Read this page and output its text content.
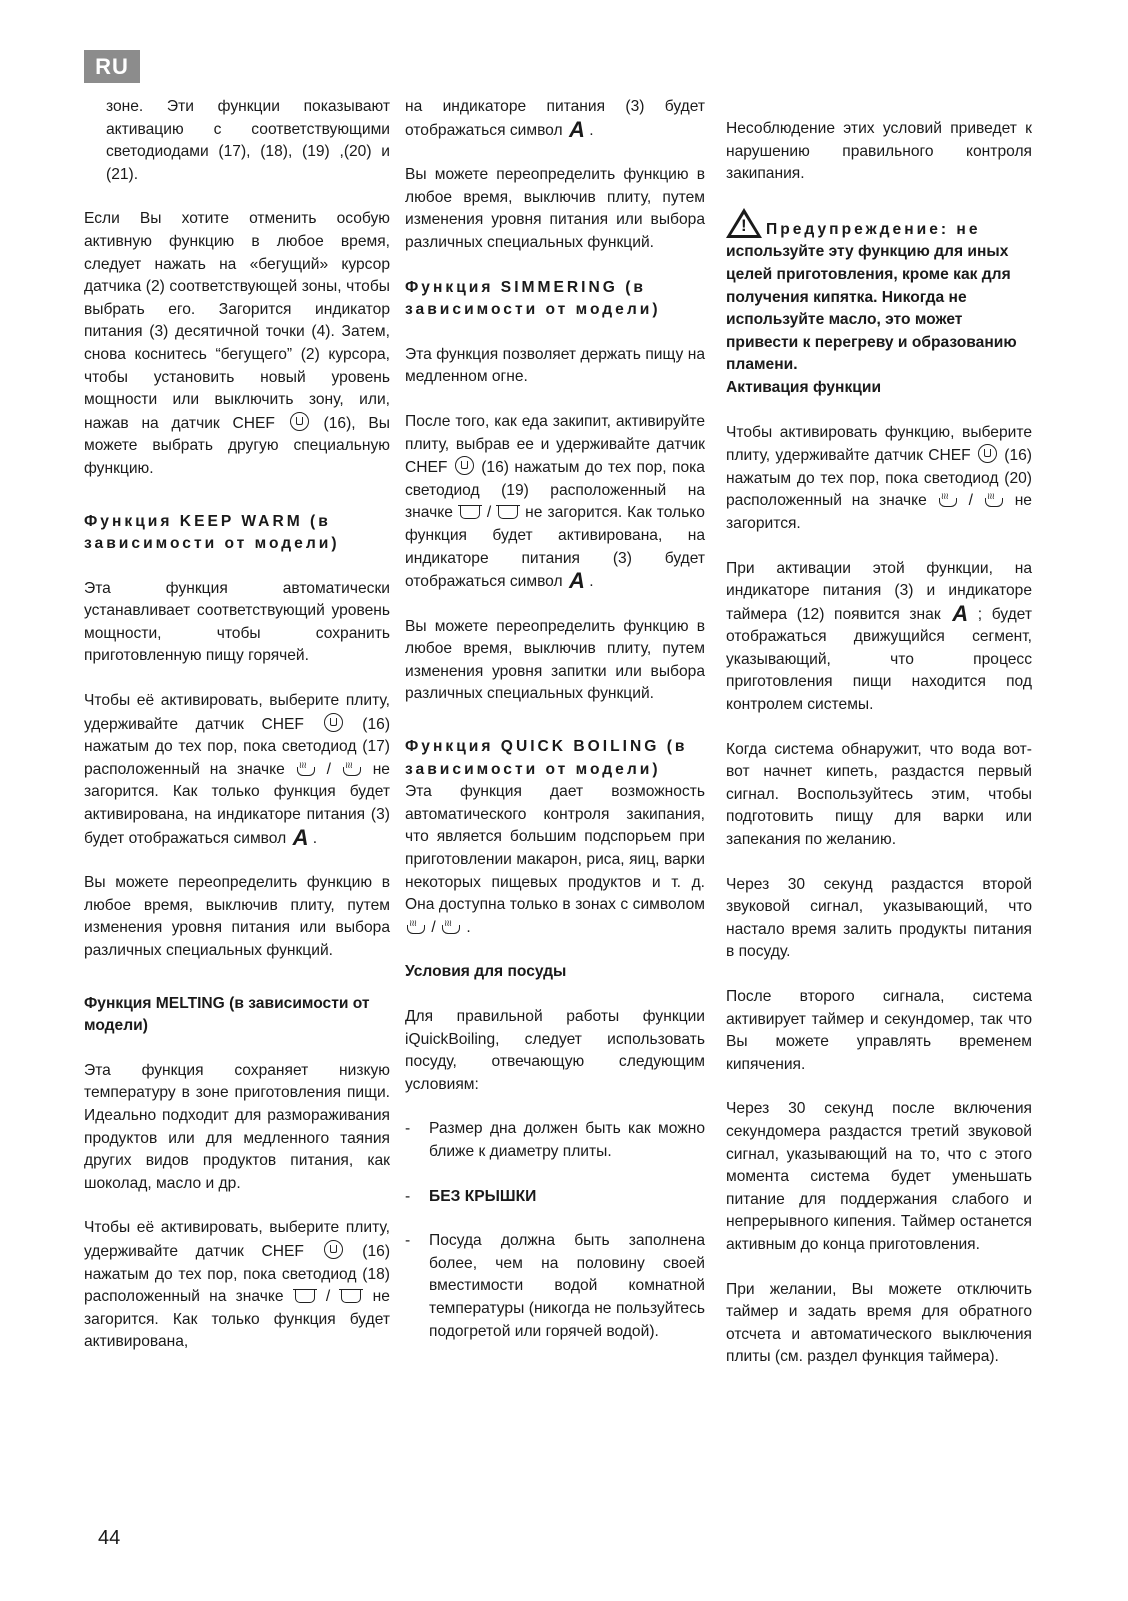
RU

зоне. Эти функции показывают активацию с соответствующими светодиодами (17), (18), (19) ,(20) и (21).

Если Вы хотите отменить особую активную функцию в любое время, следует нажать на «бегущий» курсор датчика (2) соответствующей зоны, чтобы выбрать его. Загорится индикатор питания (3) десятичной точки (4). Затем, снова коснитесь “бегущего” (2) курсора, чтобы установить новый уровень мощности или выключить зону, или, нажав на датчик CHEF	(16), Вы можете выбрать другую специальную функцию.

Функция KEEP WARM (в зависимости от модели)

Эта функция автоматически устанавливает соответствующий уровень мощности, чтобы сохранить приготовленную пищу горячей.

Чтобы её активировать, выберите плиту, удерживайте датчик CHEF	(16) нажатым до тех пор, пока светодиод (17) расположенный на значке ≀≀≀	/ ≀≀≀	не загорится. Как только функция будет активирована, на индикаторе питания (3) будет отображаться символ A .

Вы можете переопределить функцию в любое время, выключив плиту, путем изменения уровня питания или выбора различных специальных функций.

Функция MELTING (в зависимости от модели)

Эта функция сохраняет низкую температуру в зоне приготовления пищи. Идеально подходит для размораживания продуктов или для медленного таяния других видов продуктов питания, как шоколад, масло и др.

Чтобы её активировать, выберите плиту, удерживайте датчик CHEF	(16) нажатым до тех пор, пока светодиод (18) расположенный на значке	/	не загорится. Как только функция будет активирована,

на индикаторе питания (3) будет отображаться символ A .

Вы можете переопределить функцию в любое время, выключив плиту, путем изменения уровня питания или выбора различных специальных функций.

Функция SIMMERING (в зависимости от модели)

Эта функция позволяет держать пищу на медленном огне.

После того, как еда закипит, активируйте плиту, выбрав ее и удерживайте датчик CHEF (16) нажатым до тех пор, пока светодиод (19) расположенный на значке / не загорится. Как только функция будет активирована, на индикаторе питания (3) будет отображаться символ A .

Вы можете переопределить функцию в любое время, выключив плиту, путем изменения уровня запитки или выбора различных специальных функций.

Функция QUICK BOILING (в зависимости от модели)

Эта функция дает возможность автоматического контроля закипания, что является большим подспорьем при приготовлении макарон, риса, яиц, варки некоторых пищевых продуктов и т. д. Она доступна только в зонах с символом ≀≀≀ / ≀≀≀ .

Условия для посуды

Для правильной работы функции iQuickBoiling, следует использовать посуду, отвечающую следующим условиям:

-	Размер дна должен быть как можно ближе к диаметру плиты.
-	БЕЗ КРЫШКИ
-	Посуда должна быть заполнена более, чем на половину своей вместимости водой комнатной температуры (никогда не пользуйтесь подогретой или горячей водой).

Несоблюдение этих условий приведет к нарушению правильного контроля закипания.

!Предупреждение: не используйте эту функцию для иных целей приготовления, кроме как для получения кипятка. Никогда не используйте масло, это может привести к перегреву и образованию пламени.
Активация функции

Чтобы активировать функцию, выберите плиту, удерживайте датчик CHEF (16) нажатым до тех пор, пока светодиод (20) расположенный на значке ≀≀≀	/ ≀≀≀	не загорится.

При активации этой функции, на индикаторе питания (3) и индикаторе таймера (12) появится знак A ; будет отображаться движущийся сегмент, указывающий, что процесс приготовления пищи находится под контролем системы.

Когда система обнаружит, что вода вот-вот начнет кипеть, раздастся первый сигнал. Воспользуйтесь этим, чтобы подготовить пищу для варки или запекания по желанию.

Через 30 секунд раздастся второй звуковой сигнал, указывающий, что настало время залить продукты питания в посуду.

После второго сигнала, система активирует таймер и секундомер, так что Вы можете управлять временем кипячения.

Через 30 секунд после включения секундомера раздастся третий звуковой сигнал, указывающий на то, что с этого момента система будет уменьшать питание для поддержания слабого и непрерывного кипения. Таймер останется активным до конца приготовления.

При желании, Вы можете отключить таймер и задать время для обратного отсчета и автоматического выключения плиты (см. раздел функция таймера).

44
